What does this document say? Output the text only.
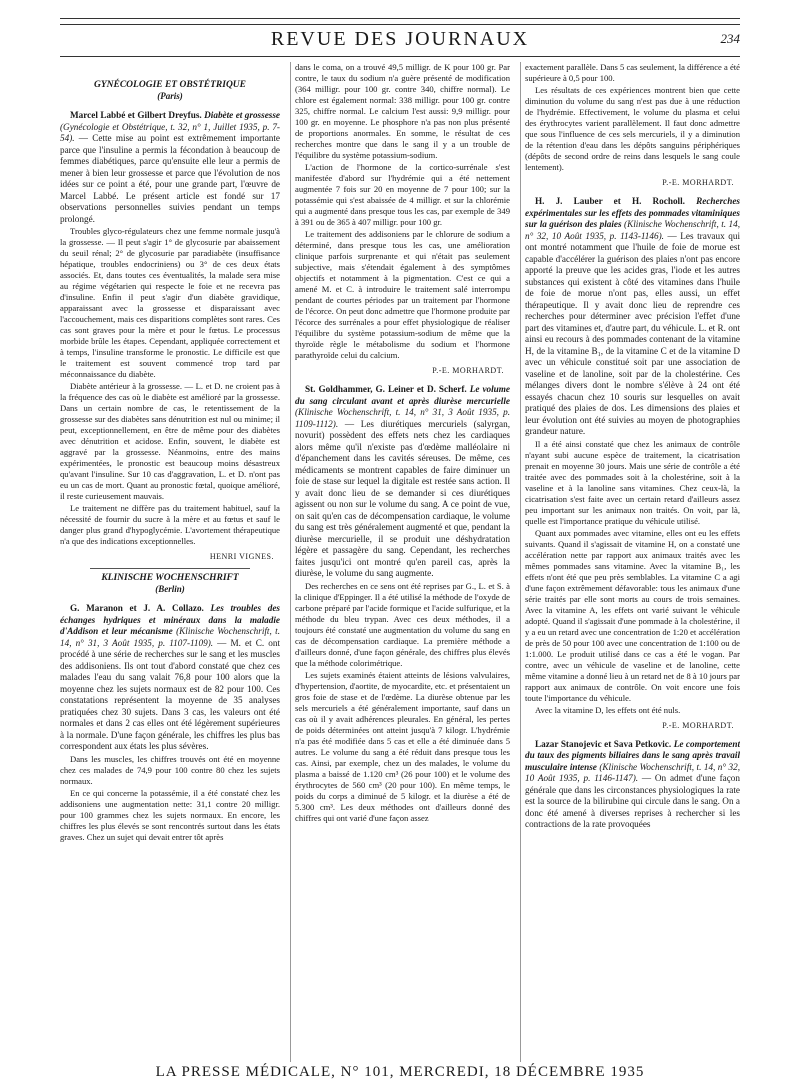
REVUE DES JOURNAUX	234
GYNÉCOLOGIE ET OBSTÉTRIQUE
(Paris)

Marcel Labbé et Gilbert Dreyfus. Diabète et grossesse (Gynécologie et Obstétrique, t. 32, n° 1, Juillet 1935, p. 7-54). — Cette mise au point est extrêmement importante parce que l'insuline a permis la fécondation à beaucoup de femmes diabétiques, parce qu'ensuite elle leur a permis de mener à bien leur grossesse et parce que l'évolution de nos idées sur ce point a été, pour une grande part, l'œuvre de Marcel Labbé. Le présent article est fondé sur 17 observations personnelles suivies pendant un temps prolongé.

Troubles glyco-régulateurs chez une femme normale jusqu'à la grossesse. — Il peut s'agir 1° de glycosurie par abaissement du seuil rénal; 2° de glycosurie par paradiabète (insuffisance hépatique, troubles endocriniens) ou 3° de ces deux états associés. Et, dans toutes ces éventualités, la malade sera mise au régime végétarien qui respecte le foie et ne recevra pas d'insuline. Enfin il peut s'agir d'un diabète gravidique, apparaissant avec la grossesse et disparaissant avec l'accouchement, mais ces disparitions complètes sont rares. Ces cas sont graves pour la mère et pour le fœtus. Le processus morbide brûle les étapes. Cependant, appliquée correctement et à temps, l'insuline transforme le pronostic. Le difficile est que le traitement est souvent commencé trop tard par méconnaissance du diabète.

Diabète antérieur à la grossesse. — L. et D. ne croient pas à la fréquence des cas où le diabète est amélioré par la grossesse. Dans un certain nombre de cas, le retentissement de la grossesse sur des diabètes sans dénutrition est nul ou minime; il peut, exceptionnellement, en être de même pour des diabètes avec dénutrition et acidose. Enfin, souvent, le diabète est aggravé par la grossesse. Néanmoins, entre des mains expérimentées, le pronostic est beaucoup moins désastreux qu'avant l'insuline. Sur 10 cas d'aggravation, L. et D. n'ont pas eu un cas de mort. Quant au pronostic fœtal, quoique amélioré, il reste curieusement mauvais.

Le traitement ne diffère pas du traitement habituel, sauf la nécessité de fournir du sucre à la mère et au fœtus et sauf le danger plus grand d'hypoglycémie. L'avortement thérapeutique n'a que des indications exceptionnelles.

HENRI VIGNES.
KLINISCHE WOCHENSCHRIFT
(Berlin)

G. Maranon et J. A. Collazo. Les troubles des échanges hydriques et minéraux dans la maladie d'Addison et leur mécanisme (Klinische Wochenschrift, t. 14, n° 31, 3 Août 1935, p. 1107-1109). — M. et C. ont procédé à une série de recherches sur le sang et les muscles des addisoniens. Ils ont tout d'abord constaté que chez ces malades l'eau du sang valait 76,8 pour 100 alors que la moyenne chez les sujets normaux est de 82 pour 100. Ces constatations représentent la moyenne de 35 analyses pratiquées chez 30 sujets. Dans 3 cas, les valeurs ont été normales et dans 2 cas elles ont été légèrement supérieures à la normale. D'une façon générale, les chiffres les plus bas correspondent aux états les plus sévères.

Dans les muscles, les chiffres trouvés ont été en moyenne chez ces malades de 74,9 pour 100 contre 80 chez les sujets normaux.

En ce qui concerne la potassémie, il a été constaté chez les addisoniens une augmentation nette: 31,1 contre 20 milligr. pour 100 grammes chez les sujets normaux. En encore, les chiffres les plus élevés se sont rencontrés surtout dans les états graves. Chez un sujet qui devait entrer tôt après

dans le coma, on a trouvé 49,5 milligr. de K pour 100 gr. Par contre, le taux du sodium n'a guère présenté de modification (364 milligr. pour 100 gr. contre 340, chiffre normal). Le chlore est également normal: 338 milligr. pour 100 gr. contre 325, chiffre normal. Le calcium l'est aussi: 9,9 milligr. pour 100 gr. en moyenne. Le phosphore n'a pas non plus présenté de proportions anormales. En somme, le résultat de ces recherches montre que dans le sang il y a un trouble de l'équilibre du système potassium-sodium.

L'action de l'hormone de la cortico-surrénale s'est manifestée d'abord sur l'hydrémie qui a été nettement augmentée 7 fois sur 20 en moyenne de 7 pour 100; sur la potassémie qui s'est abaissée de 4 milligr. et sur la chlorémie qui a augmenté dans presque tous les cas, par exemple de 349 à 391 ou de 365 à 407 milligr. pour 100 gr.

Le traitement des addisoniens par le chlorure de sodium a déterminé, dans presque tous les cas, une amélioration clinique parfois surprenante et qui n'était pas seulement subjective, mais s'étendait également à des symptômes objectifs et notamment à la pigmentation. C'est ce qui a amené M. et C. à introduire le traitement salé interrompu pendant de courtes périodes par un traitement par l'hormone de l'écorce. On peut donc admettre que l'hormone produite par l'écorce des surrénales a pour effet physiologique de réaliser l'équilibre du système potassium-sodium de même que la thyroïde règle le métabolisme du sodium et l'hormone parathyroïde celui du calcium.

P.-E. MORHARDT.

St. Goldhammer, G. Leiner et D. Scherf. Le volume du sang circulant avant et après diurèse mercurielle (Klinische Wochenschrift, t. 14, n° 31, 3 Août 1935, p. 1109-1112). — Les diurétiques mercuriels (salyrgan, novurit) possèdent des effets nets chez les cardiaques alors même qu'il n'existe pas d'œdème malléolaire ni d'épanchement dans les cavités séreuses. De même, ces médicaments se montrent capables de faire diminuer un foie de stase sur lequel la digitale est restée sans action. Il y avait donc lieu de se demander si ces diurétiques agissent ou non sur le volume du sang. A ce point de vue, on sait qu'en cas de décompensation cardiaque, le volume du sang est très généralement augmenté et que, pendant la diurèse mercurielle, il se produit une déshydratation légère et passagère du sang. Cependant, les recherches faites jusqu'ici ont montré qu'en pareil cas, après la diurèse, le volume du sang augmente.

Des recherches en ce sens ont été reprises par G., L. et S. à la clinique d'Eppinger. Il a été utilisé la méthode de l'oxyde de carbone préparé par l'acide formique et l'acide sulfurique, et la méthode du bleu trypan. Avec ces deux méthodes, il a toujours été constaté une augmentation du volume du sang en cas de décompensation cardiaque. La première méthode a d'ailleurs donné, d'une façon générale, des chiffres plus élevés que la méthode colorimétrique.

Les sujets examinés étaient atteints de lésions valvulaires, d'hypertension, d'aortite, de myocardite, etc. et présentaient un gros foie de stase et de l'œdème. La diurèse obtenue par les sels mercuriels a été généralement importante, sauf dans un cas où il y avait adhérences pleurales. En général, les pertes de poids déterminées ont atteint jusqu'à 7 kilogr. L'hydrémie n'a pas été modifiée dans 5 cas et elle a été diminuée dans 5 autres. Le volume du sang a été réduit dans presque tous les cas. Ainsi, par exemple, chez un des malades, le volume du plasma a baissé de 1.120 cm³ (26 pour 100) et le volume des érythrocytes de 560 cm³ (20 pour 100). En même temps, le poids du corps a diminué de 5 kilogr. et la diurèse a été de 5.300 cm³. Les deux méthodes ont d'ailleurs donné des chiffres qui ont varié d'une façon assez

exactement parallèle. Dans 5 cas seulement, la différence a été supérieure à 0,5 pour 100.

Les résultats de ces expériences montrent bien que cette diminution du volume du sang n'est pas due à une réduction de l'hydrémie. Effectivement, le volume du plasma et celui des érythrocytes varient parallèlement. Il faut donc admettre que sous l'influence de ces sels mercuriels, il y a diminution de la rétention d'eau dans les dépôts sanguins périphériques (dépôts de second ordre de reins dans lesquels le sang coule lentement).

P.-E. MORHARDT.

H. J. Lauber et H. Rocholl. Recherches expérimentales sur les effets des pommades vitaminiques sur la guérison des plaies (Klinische Wochenschrift, t. 14, n° 32, 10 Août 1935, p. 1143-1146). — Les travaux qui ont montré notamment que l'huile de foie de morue est capable d'accélérer la guérison des plaies n'ont pas encore apporté la preuve que les acides gras, l'iode et les autres substances qui existent à côté des vitamines dans l'huile de foie de morue n'ont pas, elles aussi, un effet thérapeutique. Il y avait donc lieu de reprendre ces recherches pour déterminer avec précision l'effet d'une part des vitamines et, d'autre part, du véhicule. L. et R. ont ainsi eu recours à des pommades contenant de la vitamine H, de la vitamine B₁, de la vitamine C et de la vitamine D avec un véhicule constitué soit par une association de vaseline et de lanoline, soit par de la cholestérine. Ces mélanges divers dont le nombre s'élève à 24 ont été essayés chacun chez 10 souris sur lesquelles on avait pratiqué des plaies de dos. Les dimensions des plaies et leur évolution ont été suivies au moyen de photographies grandeur nature.

Il a été ainsi constaté que chez les animaux de contrôle n'ayant subi aucune espèce de traitement, la cicatrisation prenait en moyenne 30 jours. Mais une série de contrôle a été traitée avec des pommades soit à la cholestérine, soit à la vaseline et à la lanoline sans vitamines. Chez ceux-là, la cicatrisation s'est faite avec un certain retard d'ailleurs assez peu important sur les animaux non traités. On voit, par là, quelle est l'importance pratique du véhicule utilisé.

Quant aux pommades avec vitamine, elles ont eu les effets suivants. Quand il s'agissait de vitamine H, on a constaté une accélération nette par rapport aux animaux traités avec les mêmes pommades sans vitamine. Avec la vitamine B₁, les effets n'ont été que peu près semblables. La vitamine C a agi d'une façon extrêmement défavorable: tous les animaux d'une série traités par elle sont morts au cours de trois semaines. Avec la vitamine A, les effets ont varié suivant le véhicule adopté. Quand il s'agissait d'une pommade à la cholestérine, il y a eu un retard avec une concentration de 1:20 et accélération de près de 50 pour 100 avec une concentration de 1:100 ou de 1:1.000. Le produit utilisé dans ce cas a été le vogan. Par contre, avec un véhicule de vaseline et de lanoline, cette même vitamine a donné lieu à un retard net de 8 à 10 jours par rapport aux animaux de contrôle. On voit encore une fois toute l'importance du véhicule.

Avec la vitamine D, les effets ont été nuls.

P.-E. MORHARDT.

Lazar Stanojevic et Sava Petkovic. Le comportement du taux des pigments biliaires dans le sang après travail musculaire intense (Klinische Wochenschrift, t. 14, n° 32, 10 Août 1935, p. 1146-1147). — On admet d'une façon générale que dans les circonstances physiologiques la rate est la source de la bilirubine qui circule dans le sang. On a donc été amené à diverses reprises à rechercher si les contractions de la rate provoquées

LA PRESSE MÉDICALE, N° 101, MERCREDI, 18 DÉCEMBRE 1935
